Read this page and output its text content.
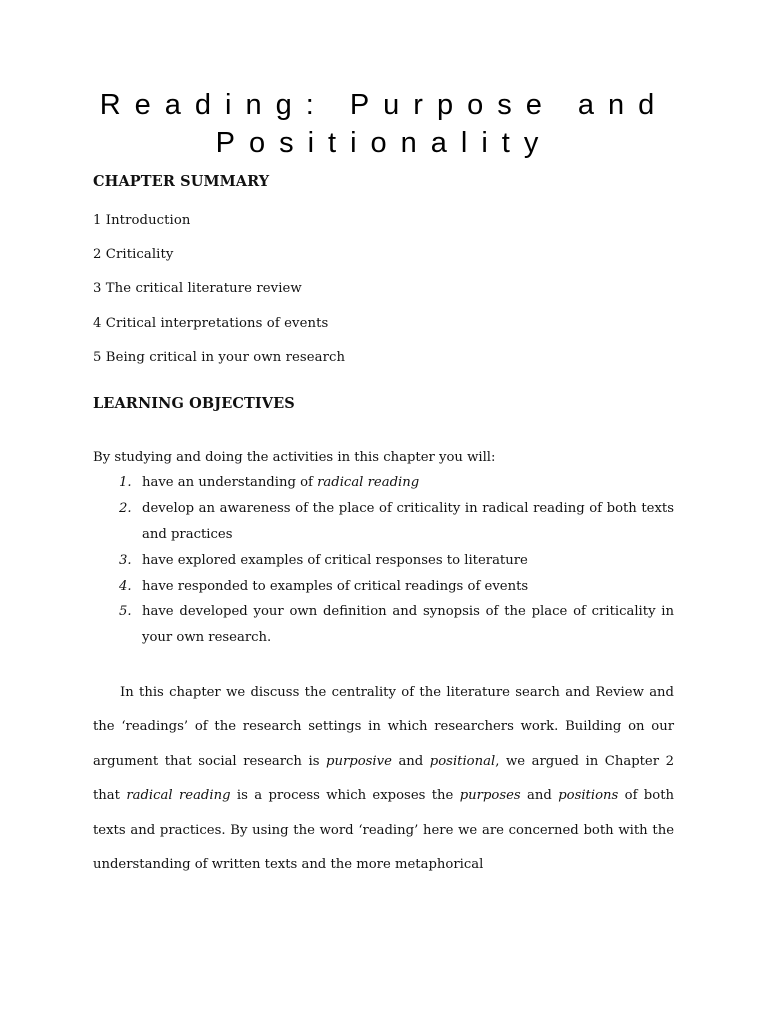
Reading: Purpose and
Positionality
CHAPTER SUMMARY
1 Introduction
2 Criticality
3 The critical literature review
4 Critical interpretations of events
5 Being critical in your own research
LEARNING OBJECTIVES
By studying and doing the activities in this chapter you will:
1. have an understanding of radical reading
2. develop an awareness of the place of criticality in radical reading of both texts and practices
3. have explored examples of critical responses to literature
4. have responded to examples of critical readings of events
5. have developed your own definition and synopsis of the place of criticality in your own research.
In this chapter we discuss the centrality of the literature search and Review and the ‘readings’ of the research settings in which researchers work. Building on our argument that social research is purposive and positional, we argued in Chapter 2 that radical reading is a process which exposes the purposes and positions of both texts and practices. By using the word ‘reading’ here we are concerned both with the understanding of written texts and the more metaphorical
